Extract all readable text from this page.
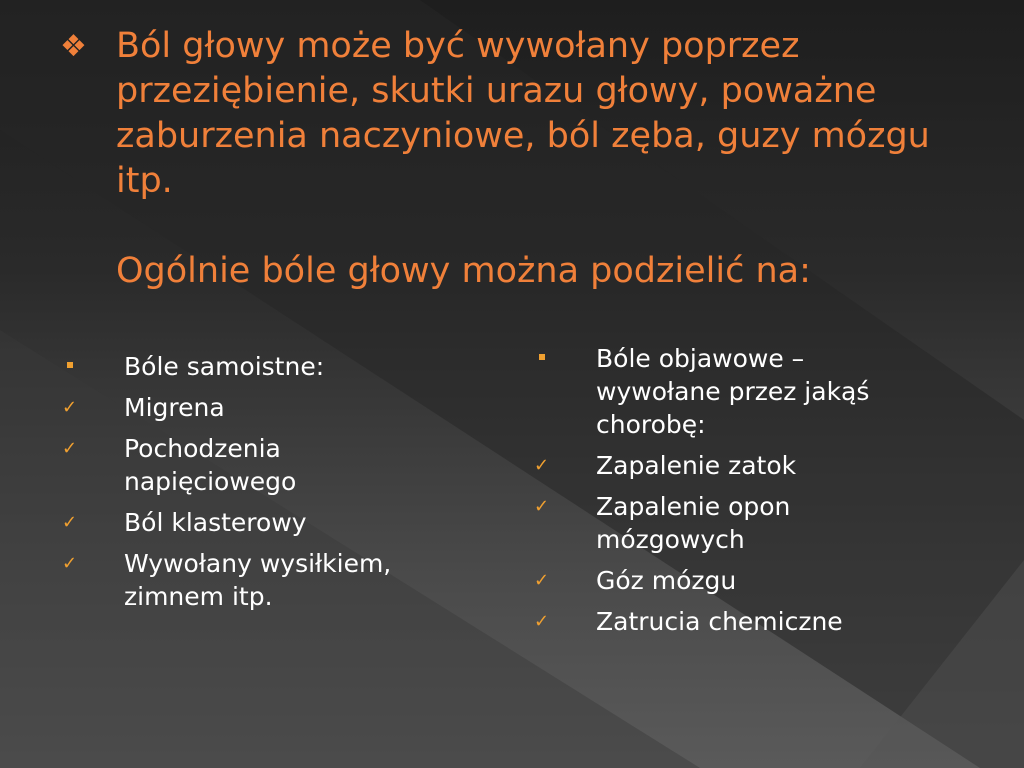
❖ Ból głowy może być wywołany poprzez przeziębienie, skutki urazu głowy, poważne zaburzenia naczyniowe, ból zęba, guzy mózgu itp.

Ogólnie bóle głowy można podzielić na:

Bóle samoistne:
✓	Migrena
✓	Pochodzenia napięciowego
✓	Ból klasterowy
✓	Wywołany wysiłkiem, zimnem itp.
Bóle objawowe – wywołane przez jakąś chorobę:
✓	Zapalenie zatok
✓	Zapalenie opon mózgowych
✓	Góz mózgu
✓	Zatrucia chemiczne
